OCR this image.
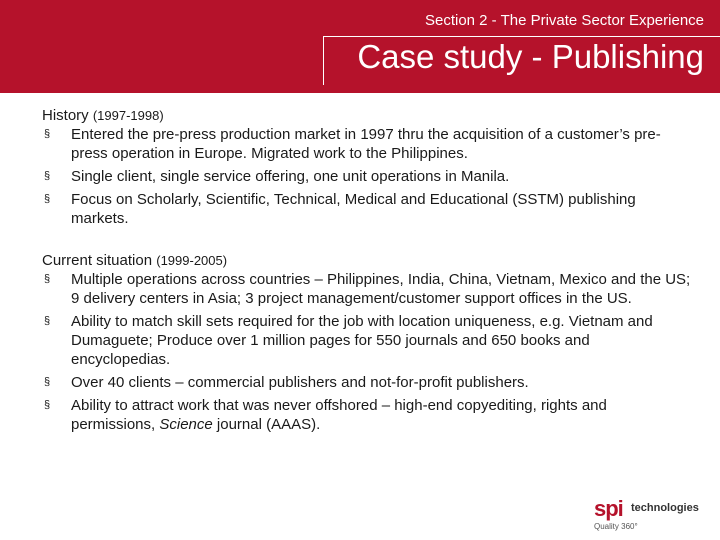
Section 2 - The Private Sector Experience
Case study - Publishing
History (1997-1998)
§ Entered the pre-press production market in 1997 thru the acquisition of a customer’s pre-press operation in Europe. Migrated work to the Philippines.
§ Single client, single service offering, one unit operations in Manila.
§ Focus on Scholarly, Scientific, Technical, Medical and Educational (SSTM) publishing markets.
Current situation (1999-2005)
§ Multiple operations across countries – Philippines, India, China, Vietnam, Mexico and the US; 9 delivery centers in Asia; 3 project management/customer support offices in the US.
§ Ability to match skill sets required for the job with location uniqueness, e.g. Vietnam and Dumaguete; Produce over 1 million pages for 550 journals and 650 books and encyclopedias.
§ Over 40 clients – commercial publishers and not-for-profit publishers.
§ Ability to attract work that was never offshored – high-end copyediting, rights and permissions, Science journal (AAAS).
spi technologies
Quality 360°
